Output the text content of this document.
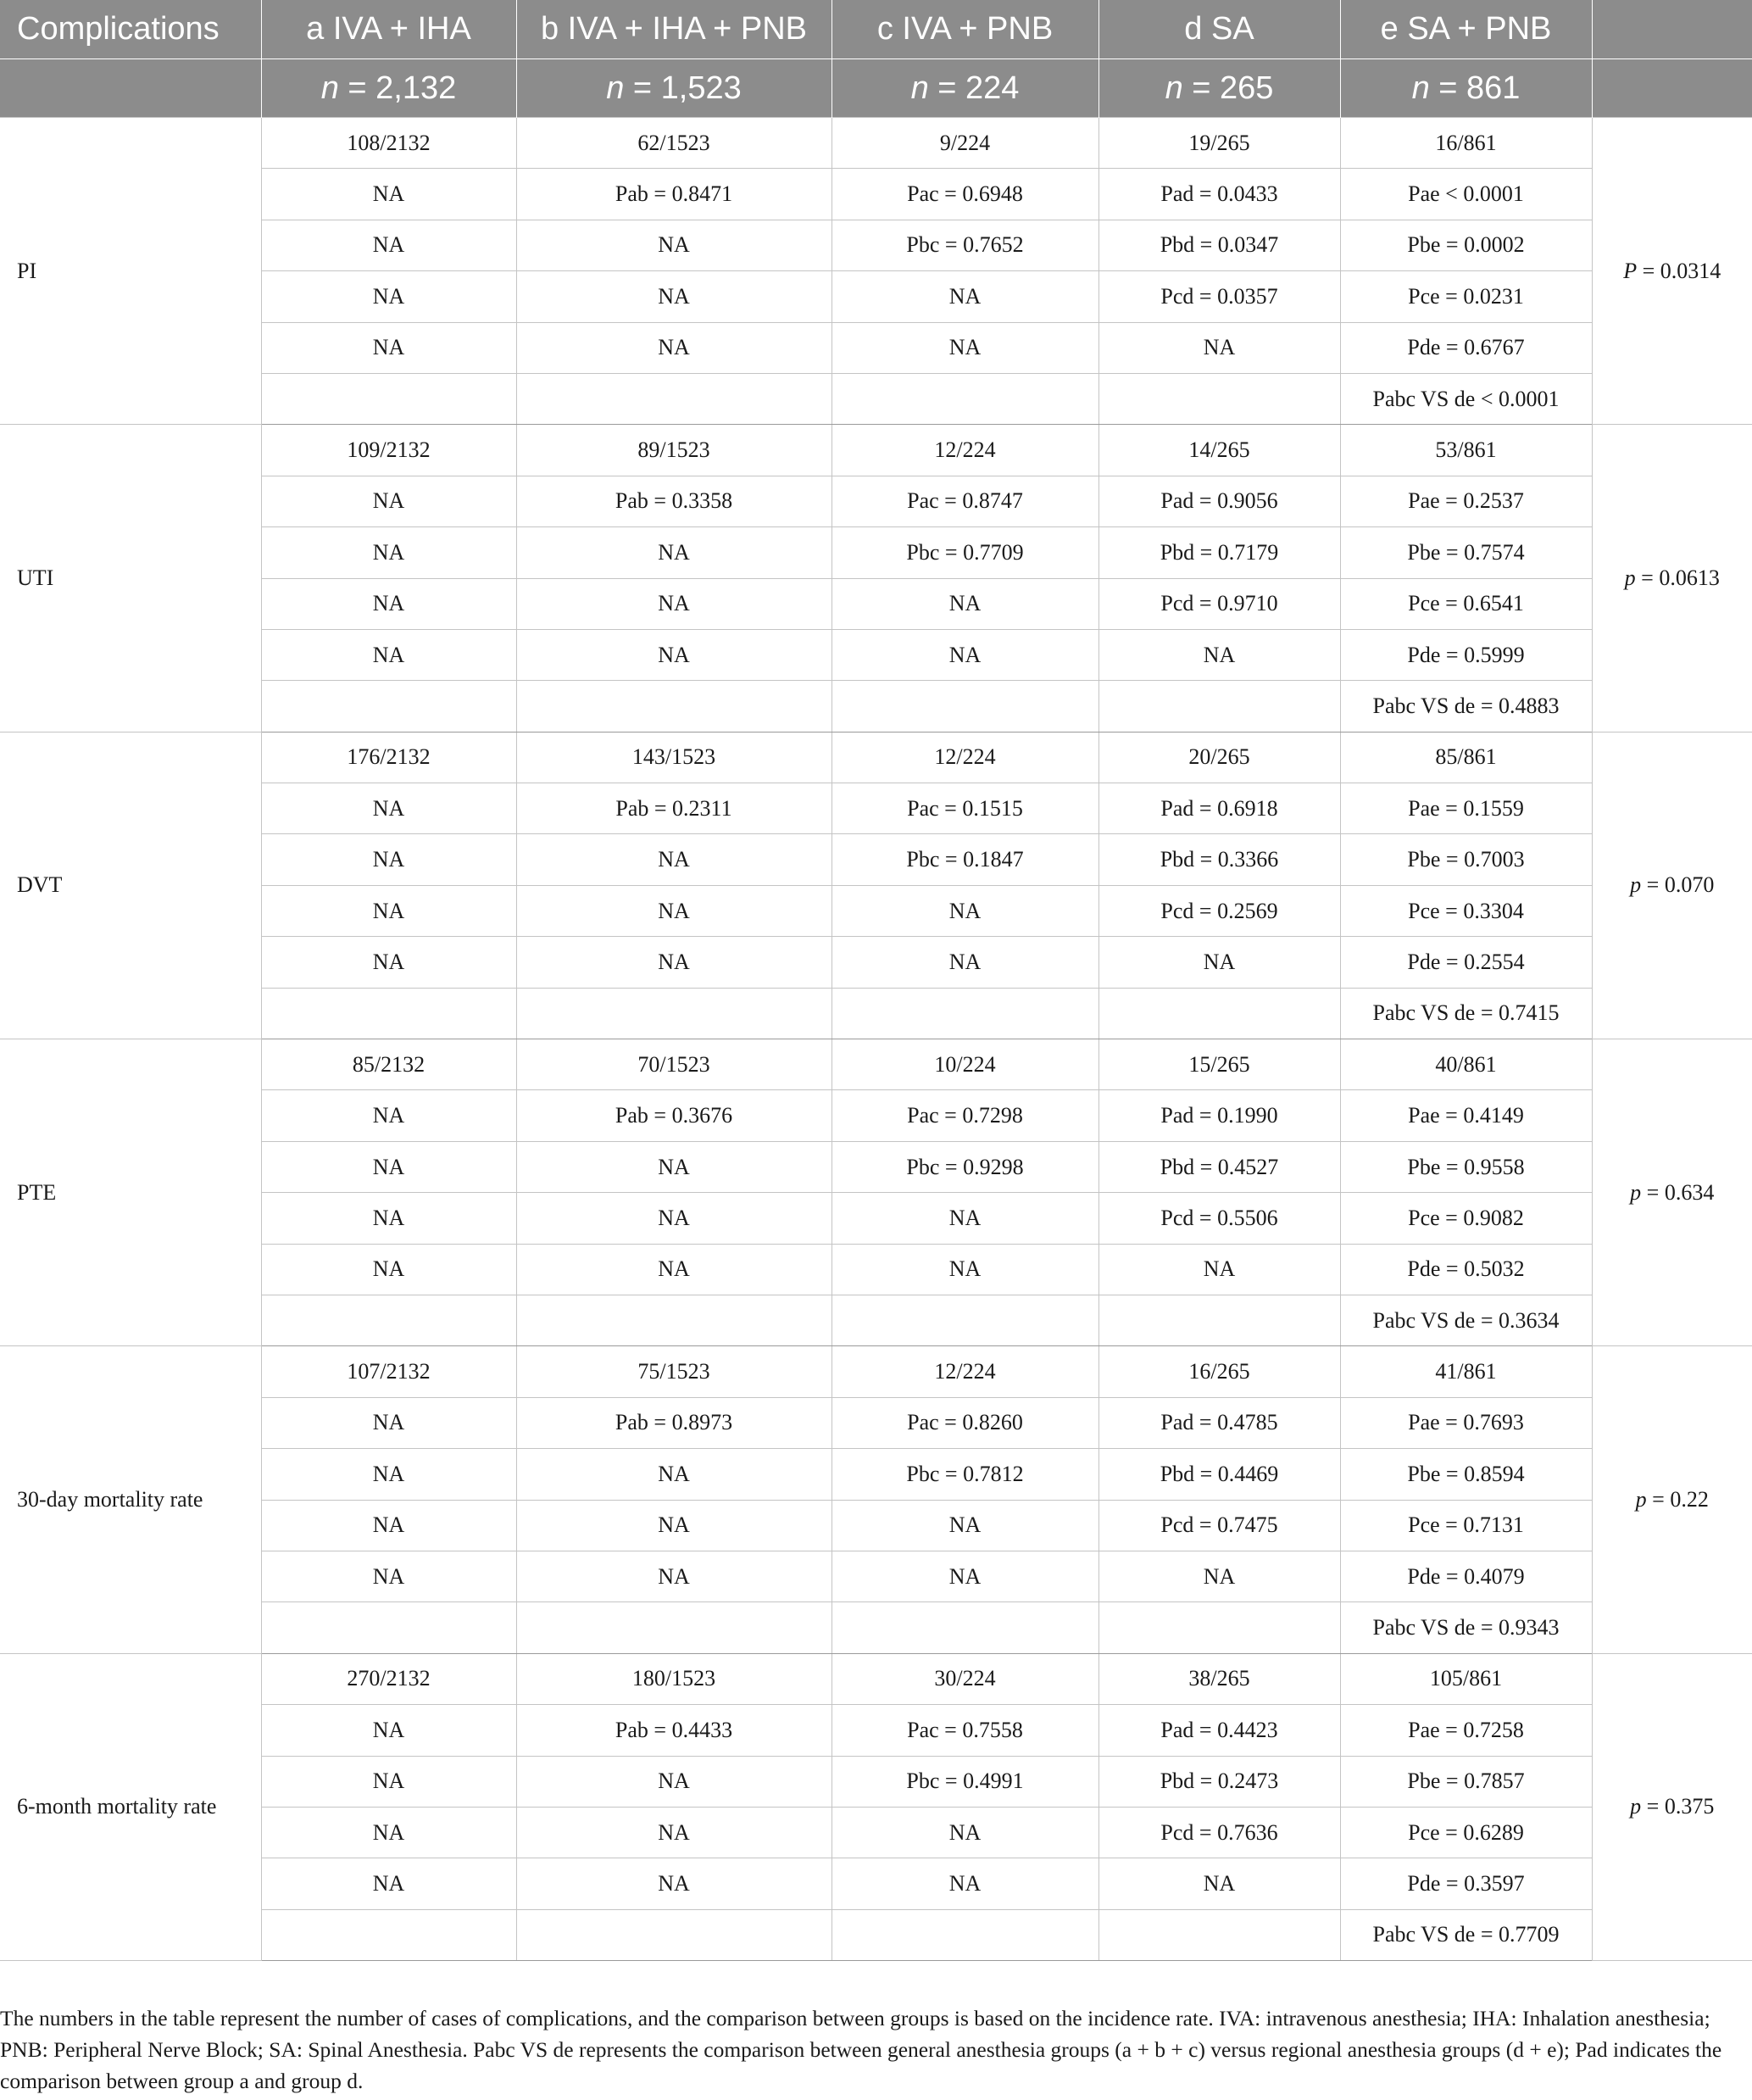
Complications	a IVA + IHA	b IVA + IHA + PNB	c IVA + PNB	d SA	e SA + PNB	
	n = 2,132	n = 1,523	n = 224	n = 265	n = 861	
PI	108/2132	62/1523	9/224	19/265	16/861	P = 0.0314
	NA	Pab = 0.8471	Pac = 0.6948	Pad = 0.0433	Pae < 0.0001	
	NA	NA	Pbc = 0.7652	Pbd = 0.0347	Pbe = 0.0002	
	NA	NA	NA	Pcd = 0.0357	Pce = 0.0231	
	NA	NA	NA	NA	Pde = 0.6767	
					Pabc VS de < 0.0001	
UTI	109/2132	89/1523	12/224	14/265	53/861	p = 0.0613
	NA	Pab = 0.3358	Pac = 0.8747	Pad = 0.9056	Pae = 0.2537	
	NA	NA	Pbc = 0.7709	Pbd = 0.7179	Pbe = 0.7574	
	NA	NA	NA	Pcd = 0.9710	Pce = 0.6541	
	NA	NA	NA	NA	Pde = 0.5999	
					Pabc VS de = 0.4883	
DVT	176/2132	143/1523	12/224	20/265	85/861	p = 0.070
	NA	Pab = 0.2311	Pac = 0.1515	Pad = 0.6918	Pae = 0.1559	
	NA	NA	Pbc = 0.1847	Pbd = 0.3366	Pbe = 0.7003	
	NA	NA	NA	Pcd = 0.2569	Pce = 0.3304	
	NA	NA	NA	NA	Pde = 0.2554	
					Pabc VS de = 0.7415	
PTE	85/2132	70/1523	10/224	15/265	40/861	p = 0.634
	NA	Pab = 0.3676	Pac = 0.7298	Pad = 0.1990	Pae = 0.4149	
	NA	NA	Pbc = 0.9298	Pbd = 0.4527	Pbe = 0.9558	
	NA	NA	NA	Pcd = 0.5506	Pce = 0.9082	
	NA	NA	NA	NA	Pde = 0.5032	
					Pabc VS de = 0.3634	
30-day mortality rate	107/2132	75/1523	12/224	16/265	41/861	p = 0.22
	NA	Pab = 0.8973	Pac = 0.8260	Pad = 0.4785	Pae = 0.7693	
	NA	NA	Pbc = 0.7812	Pbd = 0.4469	Pbe = 0.8594	
	NA	NA	NA	Pcd = 0.7475	Pce = 0.7131	
	NA	NA	NA	NA	Pde = 0.4079	
					Pabc VS de = 0.9343	
6-month mortality rate	270/2132	180/1523	30/224	38/265	105/861	p = 0.375
	NA	Pab = 0.4433	Pac = 0.7558	Pad = 0.4423	Pae = 0.7258	
	NA	NA	Pbc = 0.4991	Pbd = 0.2473	Pbe = 0.7857	
	NA	NA	NA	Pcd = 0.7636	Pce = 0.6289	
	NA	NA	NA	NA	Pde = 0.3597	
					Pabc VS de = 0.7709	
The numbers in the table represent the number of cases of complications, and the comparison between groups is based on the incidence rate. IVA: intravenous anesthesia; IHA: Inhalation anesthesia; PNB: Peripheral Nerve Block; SA: Spinal Anesthesia. Pabc VS de represents the comparison between general anesthesia groups (a + b + c) versus regional anesthesia groups (d + e); Pad indicates the comparison between group a and group d.
